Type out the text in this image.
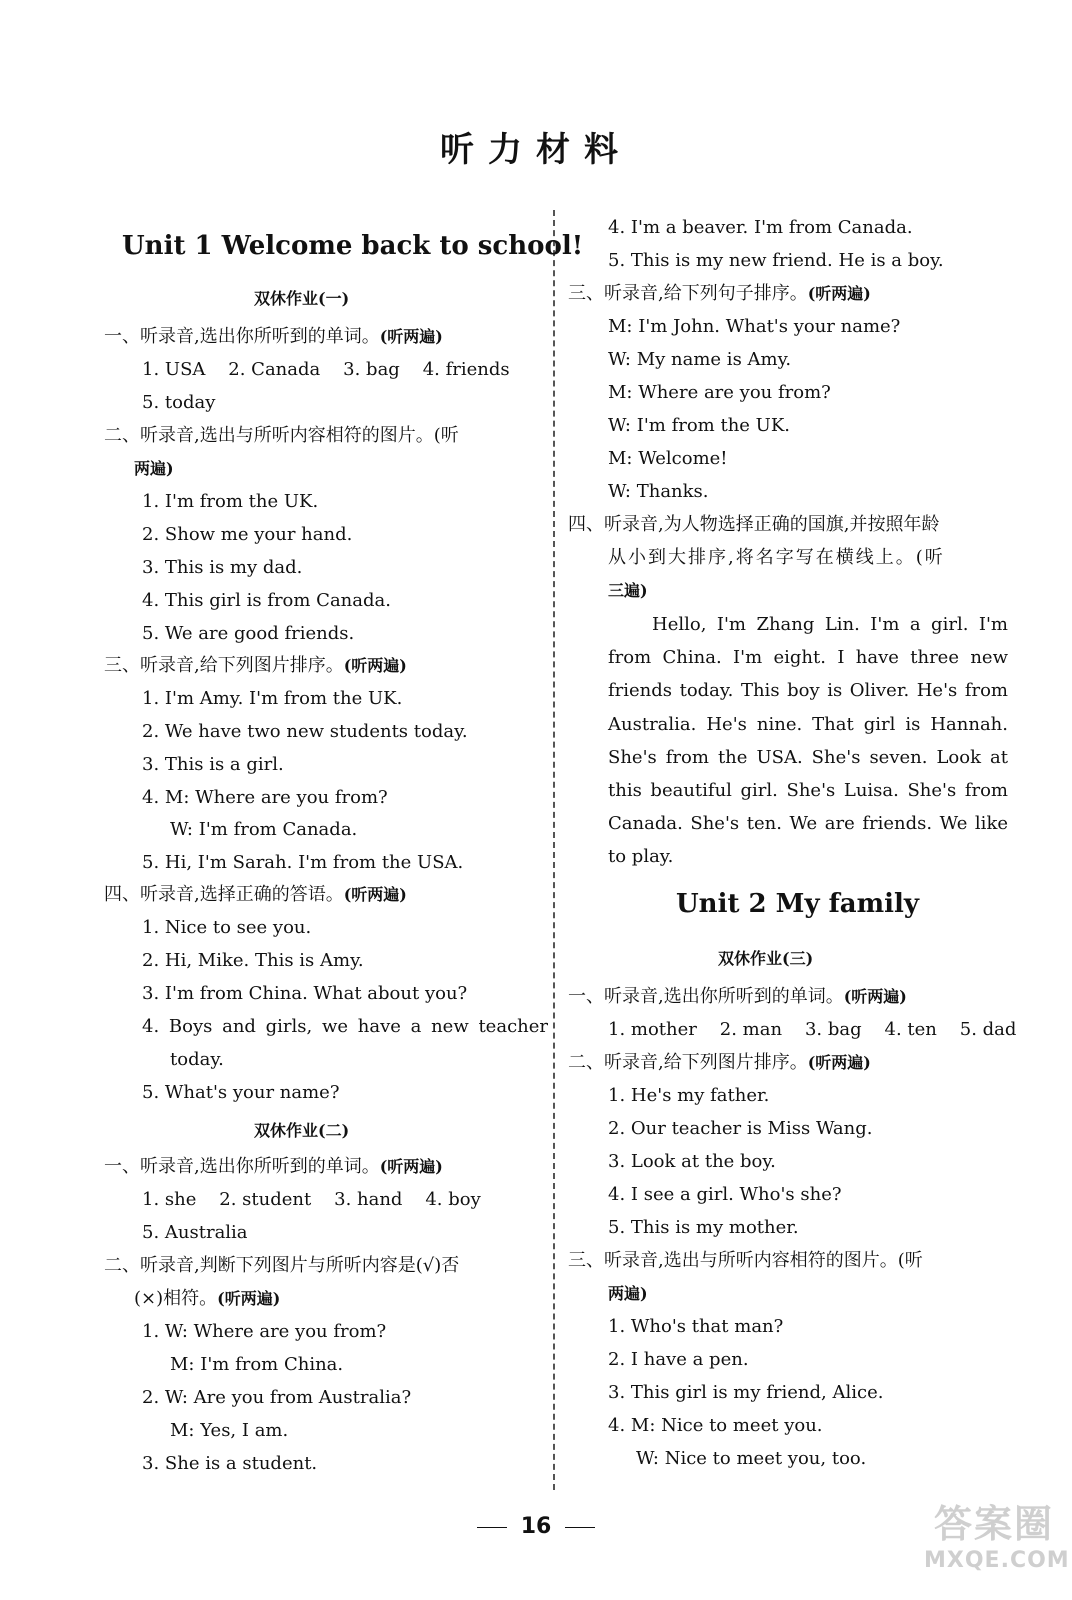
听力材料
Unit 1 Welcome back to school!
双休作业(一)
一、听录音,选出你所听到的单词。(听两遍)
1. USA    2. Canada    3. bag    4. friends
5. today
二、听录音,选出与所听内容相符的图片。(听
两遍)
1. I'm from the UK.
2. Show me your hand.
3. This is my dad.
4. This girl is from Canada.
5. We are good friends.
三、听录音,给下列图片排序。(听两遍)
1. I'm Amy. I'm from the UK.
2. We have two new students today.
3. This is a girl.
4. M: Where are you from?
W: I'm from Canada.
5. Hi, I'm Sarah. I'm from the USA.
四、听录音,选择正确的答语。(听两遍)
1. Nice to see you.
2. Hi, Mike. This is Amy.
3. I'm from China. What about you?
4. Boys and girls, we have a new teacher
today.
5. What's your name?
双休作业(二)
一、听录音,选出你所听到的单词。(听两遍)
1. she    2. student    3. hand    4. boy
5. Australia
二、听录音,判断下列图片与所听内容是(√)否
(×)相符。(听两遍)
1. W: Where are you from?
M: I'm from China.
2. W: Are you from Australia?
M: Yes, I am.
3. She is a student.
4. I'm a beaver. I'm from Canada.
5. This is my new friend. He is a boy.
三、听录音,给下列句子排序。(听两遍)
M: I'm John. What's your name?
W: My name is Amy.
M: Where are you from?
W: I'm from the UK.
M: Welcome!
W: Thanks.
四、听录音,为人物选择正确的国旗,并按照年龄
从小到大排序,将名字写在横线上。(听
三遍)

Hello, I'm Zhang Lin. I'm a girl. I'm from China. I'm eight. I have three new friends today. This boy is Oliver. He's from Australia. He's nine. That girl is Hannah. She's from the USA. She's seven. Look at this beautiful girl. She's Luisa. She's from Canada. She's ten. We are friends. We like to play.

Unit 2 My family
双休作业(三)
一、听录音,选出你所听到的单词。(听两遍)
1. mother    2. man    3. bag    4. ten    5. dad
二、听录音,给下列图片排序。(听两遍)
1. He's my father.
2. Our teacher is Miss Wang.
3. Look at the boy.
4. I see a girl. Who's she?
5. This is my mother.
三、听录音,选出与所听内容相符的图片。(听
两遍)
1. Who's that man?
2. I have a pen.
3. This girl is my friend, Alice.
4. M: Nice to meet you.
W: Nice to meet you, too.
16	答案圈
MXQE.COM
